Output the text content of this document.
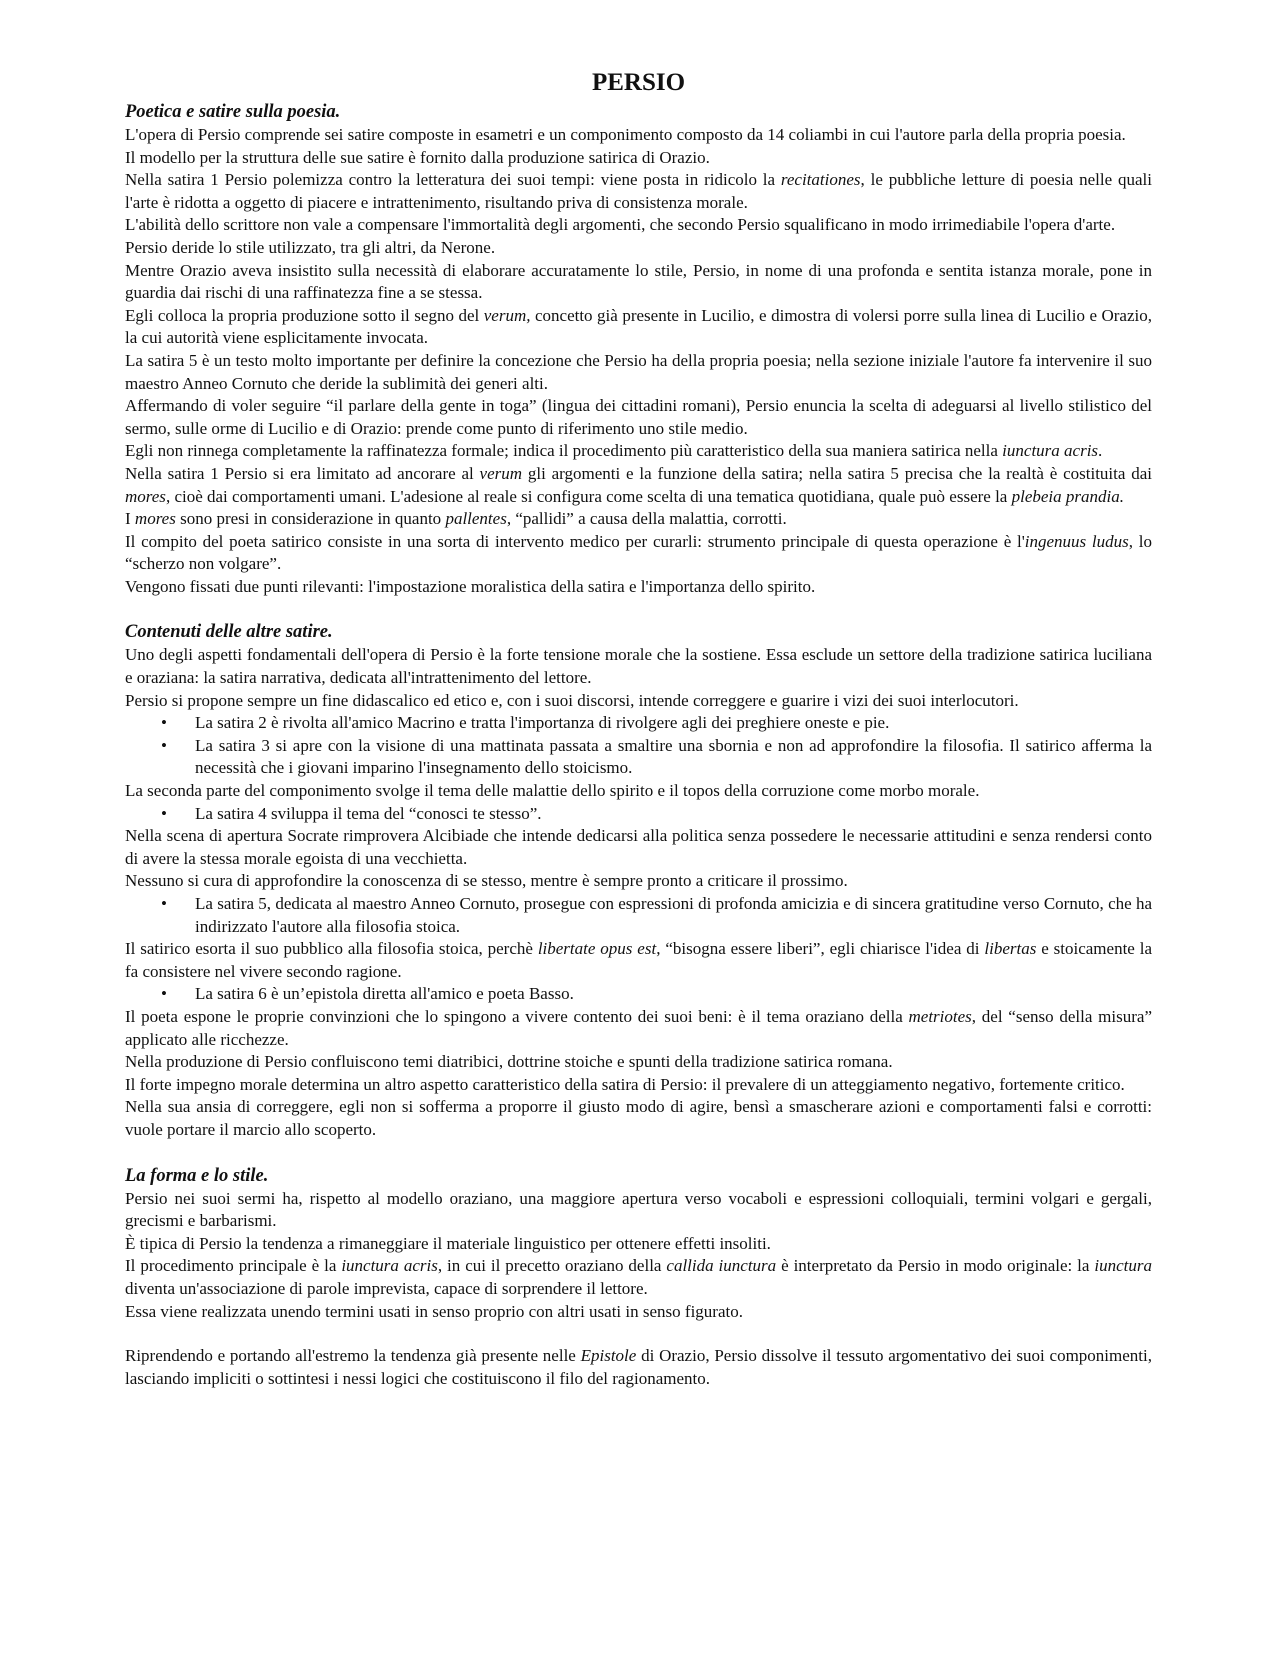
PERSIO
Poetica e satire sulla poesia.

L'opera di Persio comprende sei satire composte in esametri e un componimento composto da 14 coliambi in cui l'autore parla della propria poesia.

Il modello per la struttura delle sue satire è fornito dalla produzione satirica di Orazio.

Nella satira 1 Persio polemizza contro la letteratura dei suoi tempi: viene posta in ridicolo la recitationes, le pubbliche letture di poesia nelle quali l'arte è ridotta a oggetto di piacere e intrattenimento, risultando priva di consistenza morale.

L'abilità dello scrittore non vale a compensare l'immortalità degli argomenti, che secondo Persio squalificano in modo irrimediabile l'opera d'arte.

Persio deride lo stile utilizzato, tra gli altri, da Nerone.

Mentre Orazio aveva insistito sulla necessità di elaborare accuratamente lo stile, Persio, in nome di una profonda e sentita istanza morale, pone in guardia dai rischi di una raffinatezza fine a se stessa.

Egli colloca la propria produzione sotto il segno del verum, concetto già presente in Lucilio, e dimostra di volersi porre sulla linea di Lucilio e Orazio, la cui autorità viene esplicitamente invocata.

La satira 5 è un testo molto importante per definire la concezione che Persio ha della propria poesia; nella sezione iniziale l'autore fa intervenire il suo maestro Anneo Cornuto che deride la sublimità dei generi alti.

Affermando di voler seguire “il parlare della gente in toga” (lingua dei cittadini romani), Persio enuncia la scelta di adeguarsi al livello stilistico del sermo, sulle orme di Lucilio e di Orazio: prende come punto di riferimento uno stile medio.

Egli non rinnega completamente la raffinatezza formale; indica il procedimento più caratteristico della sua maniera satirica nella iunctura acris.

Nella satira 1 Persio si era limitato ad ancorare al verum gli argomenti e la funzione della satira; nella satira 5 precisa che la realtà è costituita dai mores, cioè dai comportamenti umani. L'adesione al reale si configura come scelta di una tematica quotidiana, quale può essere la plebeia prandia.

I mores sono presi in considerazione in quanto pallentes, “pallidi” a causa della malattia, corrotti.

Il compito del poeta satirico consiste in una sorta di intervento medico per curarli: strumento principale di questa operazione è l'ingenuus ludus, lo “scherzo non volgare”.

Vengono fissati due punti rilevanti: l'impostazione moralistica della satira e l'importanza dello spirito.

Contenuti delle altre satire.

Uno degli aspetti fondamentali dell'opera di Persio è la forte tensione morale che la sostiene. Essa esclude un settore della tradizione satirica luciliana e oraziana: la satira narrativa, dedicata all'intrattenimento del lettore.

Persio si propone sempre un fine didascalico ed etico e, con i suoi discorsi, intende correggere e guarire i vizi dei suoi interlocutori.

• La satira 2 è rivolta all'amico Macrino e tratta l'importanza di rivolgere agli dei preghiere oneste e pie.
• La satira 3 si apre con la visione di una mattinata passata a smaltire una sbornia e non ad approfondire la filosofia. Il satirico afferma la necessità che i giovani imparino l'insegnamento dello stoicismo.

La seconda parte del componimento svolge il tema delle malattie dello spirito e il topos della corruzione come morbo morale.

• La satira 4 sviluppa il tema del “conosci te stesso”.

Nella scena di apertura Socrate rimprovera Alcibiade che intende dedicarsi alla politica senza possedere le necessarie attitudini e senza rendersi conto di avere la stessa morale egoista di una vecchietta.

Nessuno si cura di approfondire la conoscenza di se stesso, mentre è sempre pronto a criticare il prossimo.

• La satira 5, dedicata al maestro Anneo Cornuto, prosegue con espressioni di profonda amicizia e di sincera gratitudine verso Cornuto, che ha indirizzato l'autore alla filosofia stoica.

Il satirico esorta il suo pubblico alla filosofia stoica, perchè libertate opus est, “bisogna essere liberi”, egli chiarisce l'idea di libertas e stoicamente la fa consistere nel vivere secondo ragione.

• La satira 6 è un’epistola diretta all'amico e poeta Basso.

Il poeta espone le proprie convinzioni che lo spingono a vivere contento dei suoi beni: è il tema oraziano della metriotes, del “senso della misura” applicato alle ricchezze.

Nella produzione di Persio confluiscono temi diatribici, dottrine stoiche e spunti della tradizione satirica romana.

Il forte impegno morale determina un altro aspetto caratteristico della satira di Persio: il prevalere di un atteggiamento negativo, fortemente critico.

Nella sua ansia di correggere, egli non si sofferma a proporre il giusto modo di agire, bensì a smascherare azioni e comportamenti falsi e corrotti: vuole portare il marcio allo scoperto.

La forma e lo stile.

Persio nei suoi sermi ha, rispetto al modello oraziano, una maggiore apertura verso vocaboli e espressioni colloquiali, termini volgari e gergali, grecismi e barbarismi.

È tipica di Persio la tendenza a rimaneggiare il materiale linguistico per ottenere effetti insoliti.

Il procedimento principale è la iunctura acris, in cui il precetto oraziano della callida iunctura è interpretato da Persio in modo originale: la iunctura diventa un'associazione di parole imprevista, capace di sorprendere il lettore.

Essa viene realizzata unendo termini usati in senso proprio con altri usati in senso figurato.

Riprendendo e portando all'estremo la tendenza già presente nelle Epistole di Orazio, Persio dissolve il tessuto argomentativo dei suoi componimenti, lasciando impliciti o sottintesi i nessi logici che costituiscono il filo del ragionamento.
